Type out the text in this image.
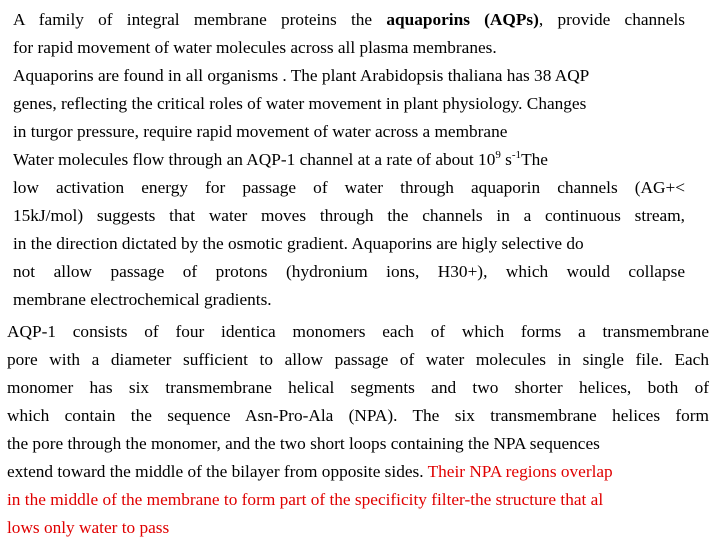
A family of integral membrane proteins the aquaporins (AQPs), provide channels
for rapid movement of water molecules across all plasma membranes.
Aquaporins are found in all organisms . The plant Arabidopsis thaliana has 38 AQP
genes, reflecting the critical roles of water movement in plant physiology. Changes
in turgor pressure, require rapid movement of water across a membrane
Water molecules flow through an AQP-1 channel at a rate of about $10^9$ $s^{-1}The$
low activation energy for passage of water through aquaporin channels (AG+<
15kJ/mol) suggests that water moves through the channels in a continuous stream,
in the direction dictated by the osmotic gradient. Aquaporins are higly selective do
not allow passage of protons (hydronium ions, H30+), which would collapse
membrane electrochemical gradients.
AQP-1 consists of four identica monomers each of which forms a transmembrane
pore with a diameter sufficient to allow passage of water molecules in single file. Each
monomer has six transmembrane helical segments and two shorter helices, both of
which contain the sequence Asn-Pro-Ala (NPA). The six transmembrane helices form
the pore through the monomer, and the two short loops containing the NPA sequences
extend toward the middle of the bilayer from opposite sides. Their NPA regions overlap
in the middle of the membrane to form part of the specificity filter-the structure that al
lows only water to pass
